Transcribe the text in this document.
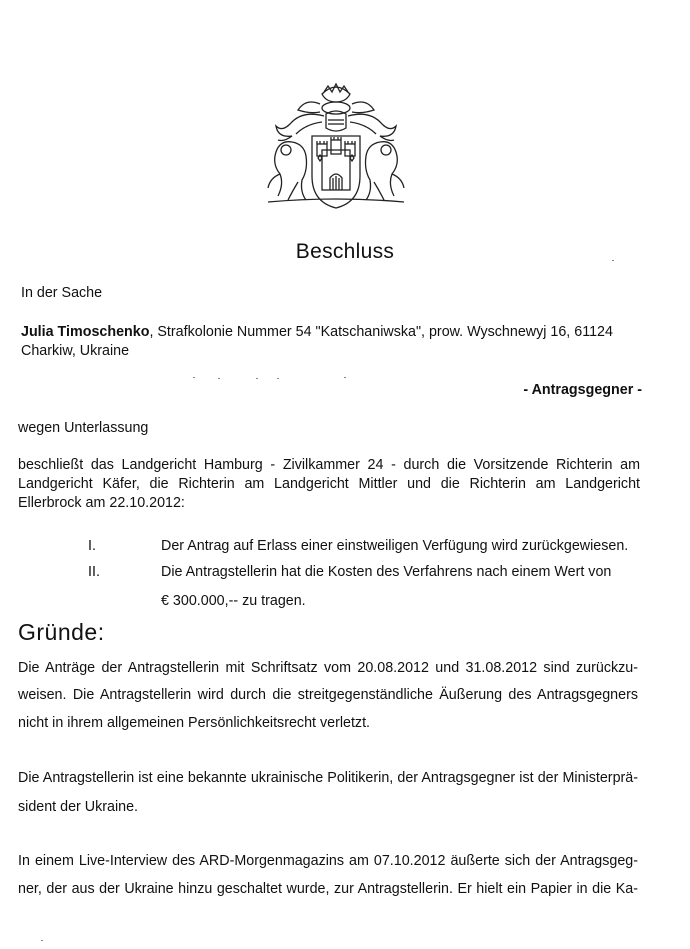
Beschluss
In der Sache
Julia Timoschenko, Strafkolonie Nummer 54 "Katschaniwska", prow. Wyschnewyj 16, 61124
Charkiw, Ukraine
- Antragsgegner -
wegen Unterlassung
beschließt das Landgericht Hamburg - Zivilkammer 24 - durch die Vorsitzende Richterin am
Landgericht Käfer, die Richterin am Landgericht Mittler und die Richterin am Landgericht
Ellerbrock am 22.10.2012:
I.	Der Antrag auf Erlass einer einstweiligen Verfügung wird zurückgewiesen.
II.	Die Antragstellerin hat die Kosten des Verfahrens nach einem Wert von
€ 300.000,-- zu tragen.
Gründe:
Die Anträge der Antragstellerin mit Schriftsatz vom 20.08.2012 und 31.08.2012 sind zurückzu-
weisen. Die Antragstellerin wird durch die streitgegenständliche Äußerung des Antragsgegners
nicht in ihrem allgemeinen Persönlichkeitsrecht verletzt.
Die Antragstellerin ist eine bekannte ukrainische Politikerin, der Antragsgegner ist der Ministerprä-
sident der Ukraine.
In einem Live-Interview des ARD-Morgenmagazins am 07.10.2012 äußerte sich der Antragsgeg-
ner, der aus der Ukraine hinzu geschaltet wurde, zur Antragstellerin. Er hielt ein Papier in die Ka-
